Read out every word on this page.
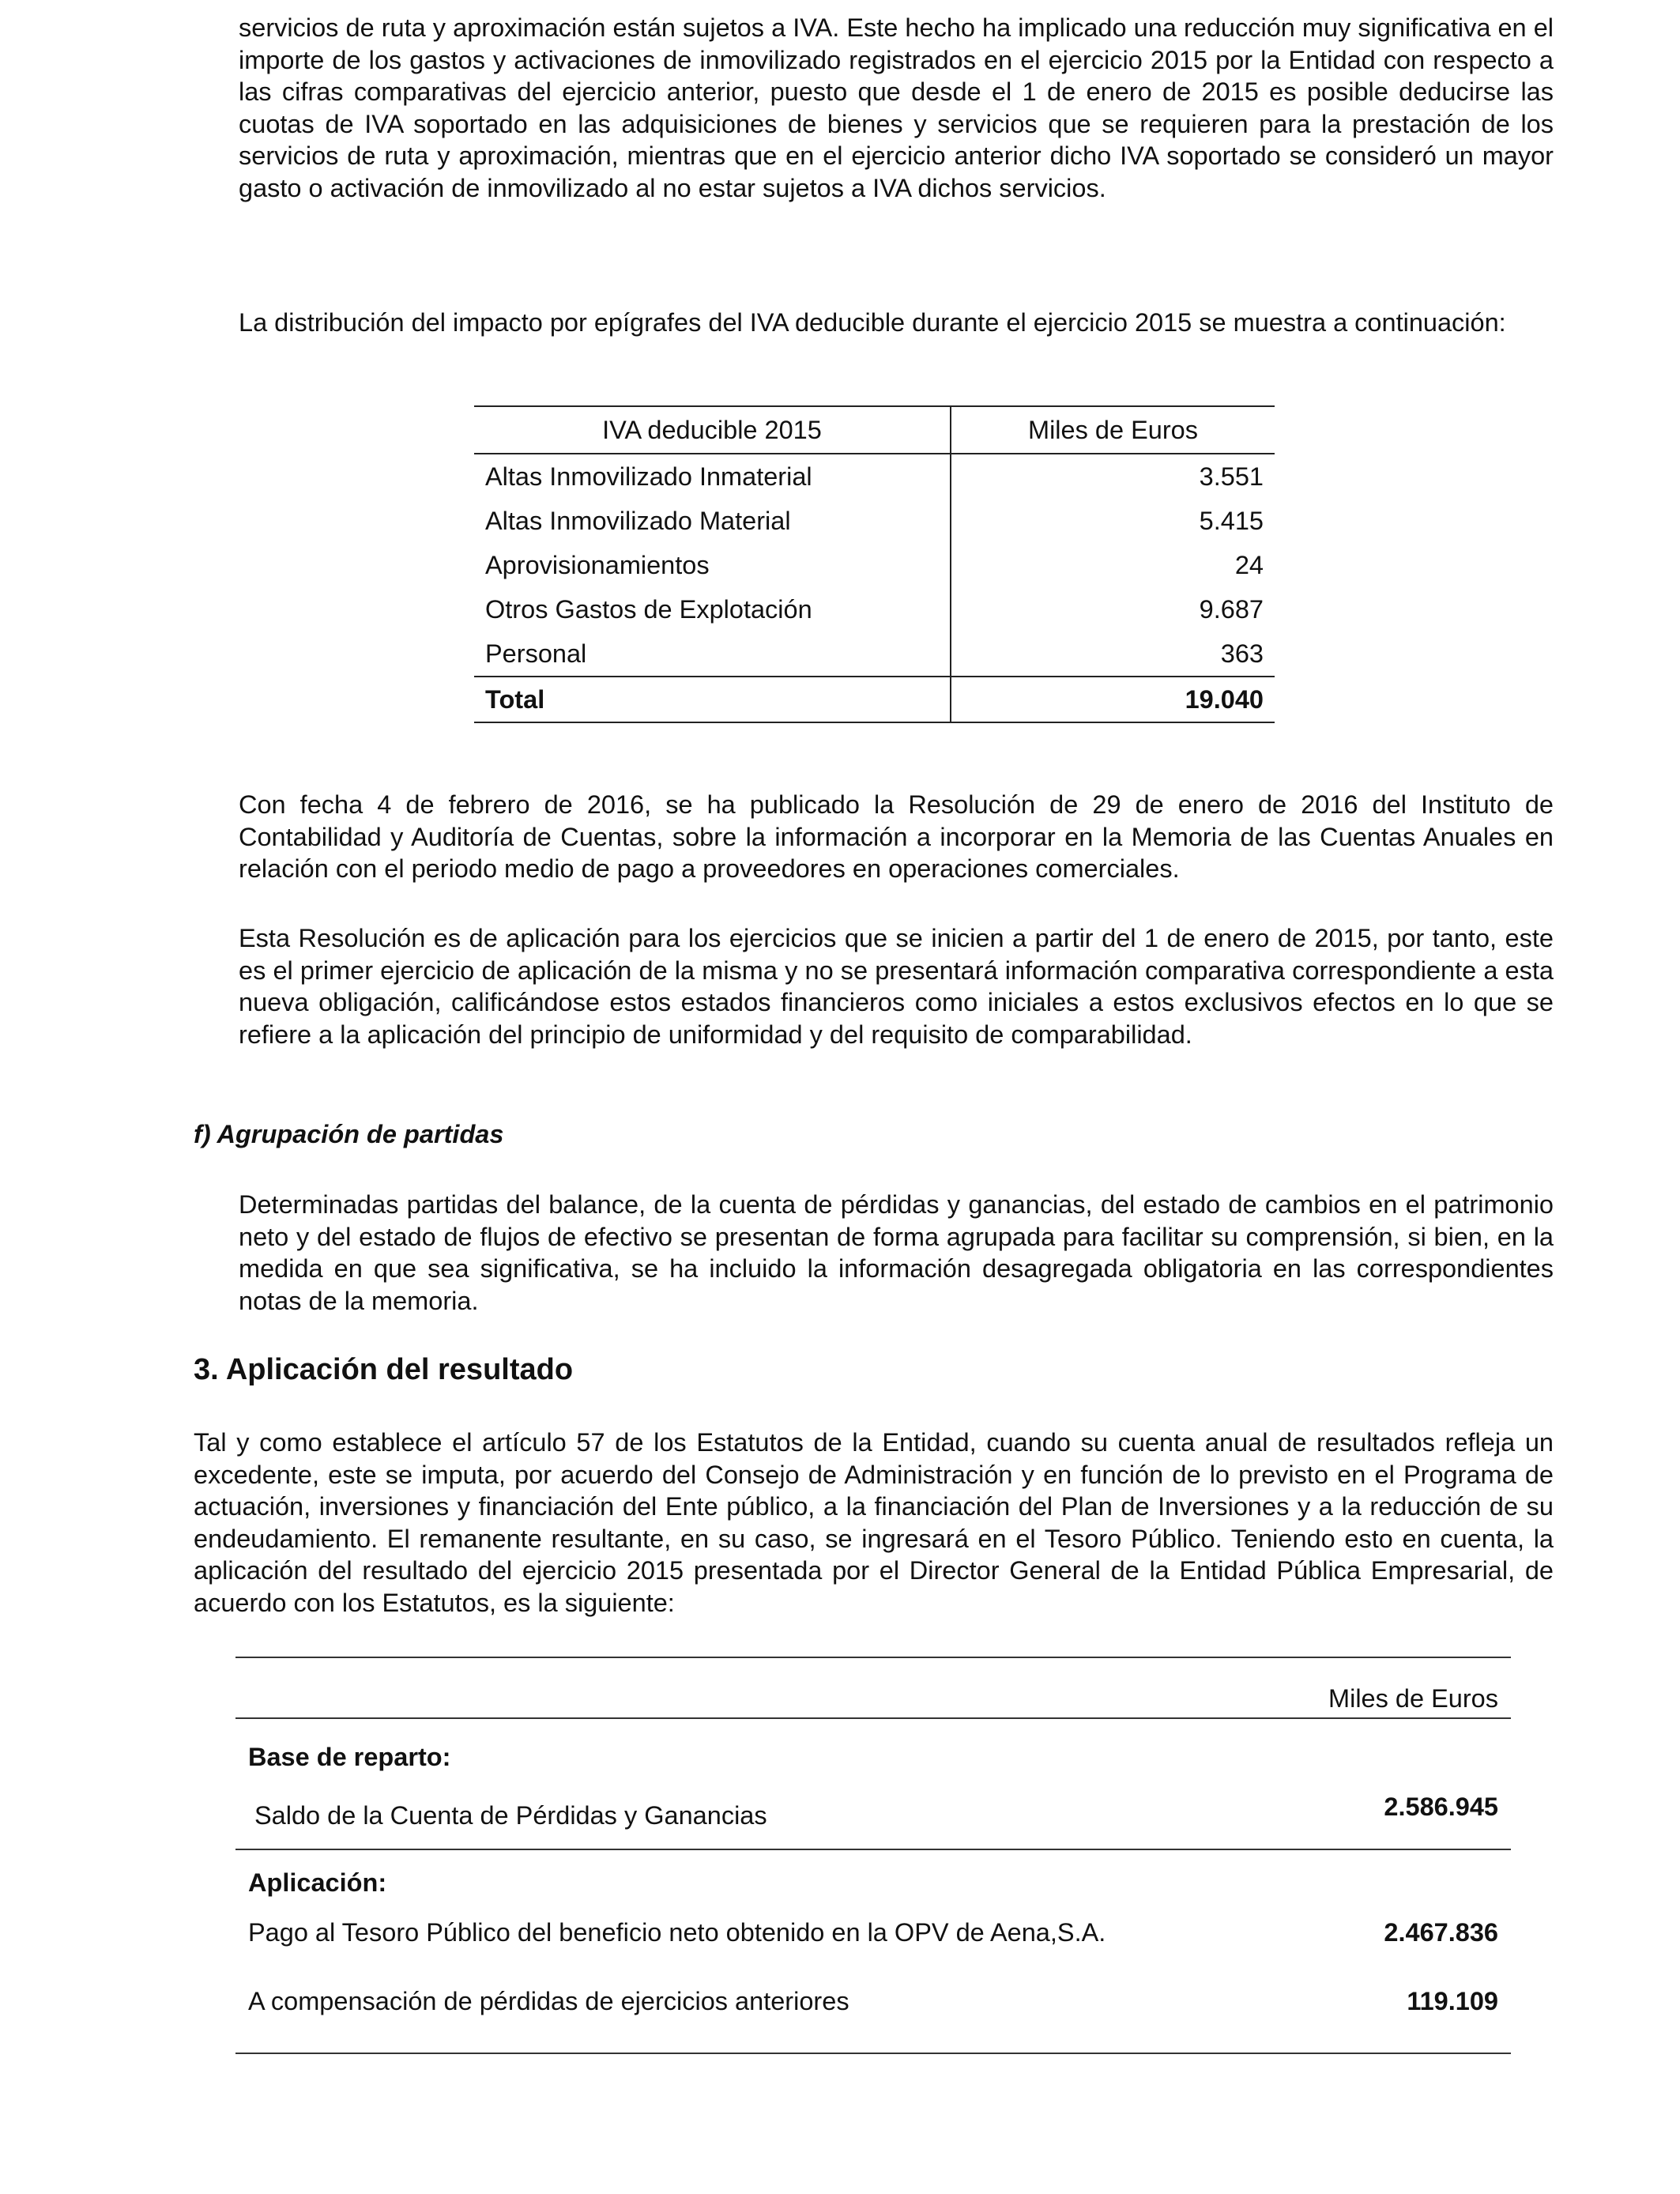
servicios de ruta y aproximación están sujetos a IVA. Este hecho ha implicado una reducción muy significativa en el importe de los gastos y activaciones de inmovilizado registrados en el ejercicio 2015 por la Entidad con respecto a las cifras comparativas del ejercicio anterior, puesto que desde el 1 de enero de 2015 es posible deducirse las cuotas de IVA soportado en las adquisiciones de bienes y servicios que se requieren para la prestación de los servicios de ruta y aproximación, mientras que en el ejercicio anterior dicho IVA soportado se consideró un mayor gasto o activación de inmovilizado al no estar sujetos a IVA dichos servicios.

La distribución del impacto por epígrafes del IVA deducible durante el ejercicio 2015 se muestra a continuación:

IVA deducible 2015	Miles de Euros
Altas Inmovilizado Inmaterial	3.551
Altas Inmovilizado Material	5.415
Aprovisionamientos	24
Otros Gastos de Explotación	9.687
Personal	363
Total	19.040

Con fecha 4 de febrero de 2016, se ha publicado la Resolución de 29 de enero de 2016 del Instituto de Contabilidad y Auditoría de Cuentas, sobre la información a incorporar en la Memoria de las Cuentas Anuales en relación con el periodo medio de pago a proveedores en operaciones comerciales.

Esta Resolución es de aplicación para los ejercicios que se inicien a partir del 1 de enero de 2015, por tanto, este es el primer ejercicio de aplicación de la misma y no se presentará información comparativa correspondiente a esta nueva obligación, calificándose estos estados financieros como iniciales a estos exclusivos efectos en lo que se refiere a la aplicación del principio de uniformidad y del requisito de comparabilidad.

f) Agrupación de partidas

Determinadas partidas del balance, de la cuenta de pérdidas y ganancias, del estado de cambios en el patrimonio neto y del estado de flujos de efectivo se presentan de forma agrupada para facilitar su comprensión, si bien, en la medida en que sea significativa, se ha incluido la información desagregada obligatoria en las correspondientes notas de la memoria.

3. Aplicación del resultado

Tal y como establece el artículo 57 de los Estatutos de la Entidad, cuando su cuenta anual de resultados refleja un excedente, este se imputa, por acuerdo del Consejo de Administración y en función de lo previsto en el Programa de actuación, inversiones y financiación del Ente público, a la financiación del Plan de Inversiones y a la reducción de su endeudamiento. El remanente resultante, en su caso, se ingresará en el Tesoro Público. Teniendo esto en cuenta, la aplicación del resultado del ejercicio 2015 presentada por el Director General de la Entidad Pública Empresarial, de acuerdo con los Estatutos, es la siguiente:

Miles de Euros
Base de reparto:
Saldo de la Cuenta de Pérdidas y Ganancias	2.586.945
Aplicación:
Pago al Tesoro Público del beneficio neto obtenido en la OPV de Aena,S.A.	2.467.836
A compensación de pérdidas de ejercicios anteriores	119.109
